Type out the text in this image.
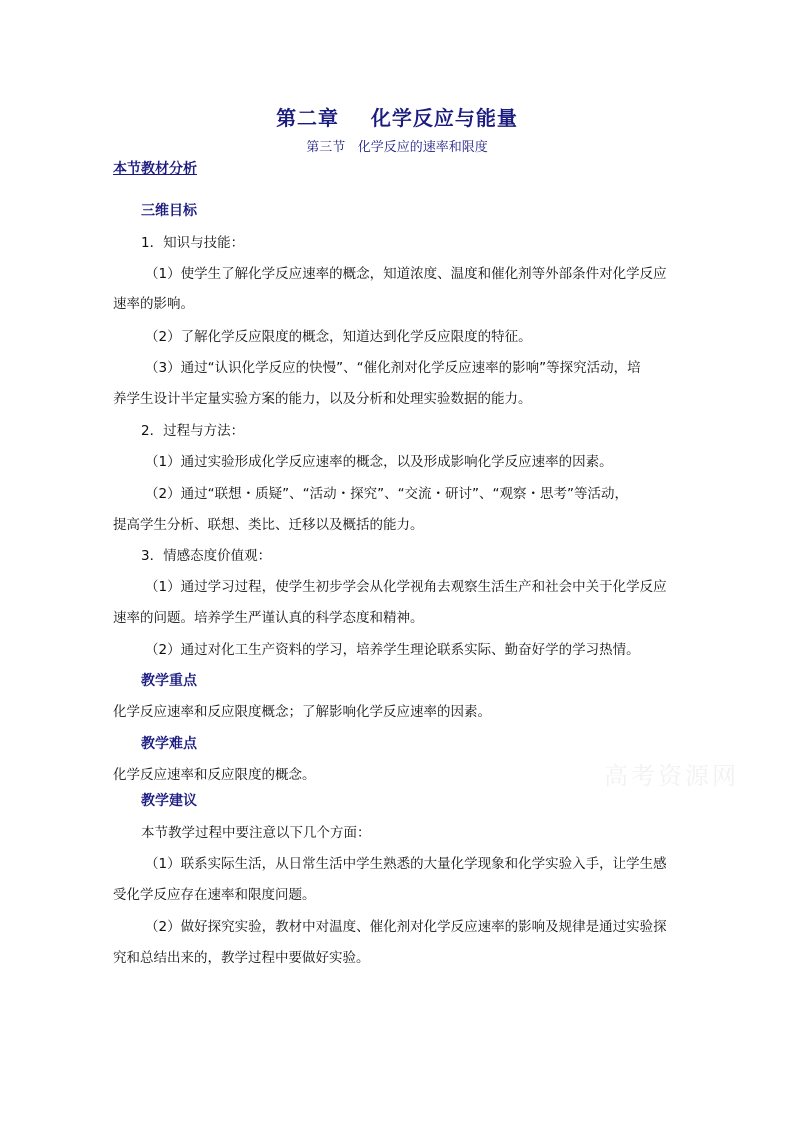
第二章    化学反应与能量
第三节   化学反应的速率和限度
本节教材分析
三维目标
1．知识与技能：
（1）使学生了解化学反应速率的概念，知道浓度、温度和催化剂等外部条件对化学反应
速率的影响。
（2）了解化学反应限度的概念，知道达到化学反应限度的特征。
（3）通过“认识化学反应的快慢”、“催化剂对化学反应速率的影响”等探究活动，培
养学生设计半定量实验方案的能力，以及分析和处理实验数据的能力。
2．过程与方法：
（1）通过实验形成化学反应速率的概念，以及形成影响化学反应速率的因素。
（2）通过“联想・质疑”、“活动・探究”、“交流・研讨”、“观察・思考”等活动，
提高学生分析、联想、类比、迁移以及概括的能力。
3．情感态度价值观：
（1）通过学习过程，使学生初步学会从化学视角去观察生活生产和社会中关于化学反应
速率的问题。培养学生严谨认真的科学态度和精神。
（2）通过对化工生产资料的学习，培养学生理论联系实际、勤奋好学的学习热情。
教学重点
化学反应速率和反应限度概念；了解影响化学反应速率的因素。
教学难点
化学反应速率和反应限度的概念。
教学建议
本节教学过程中要注意以下几个方面：
（1）联系实际生活，从日常生活中学生熟悉的大量化学现象和化学实验入手，让学生感
受化学反应存在速率和限度问题。
（2）做好探究实验，教材中对温度、催化剂对化学反应速率的影响及规律是通过实验探
究和总结出来的，教学过程中要做好实验。
高考资源网
